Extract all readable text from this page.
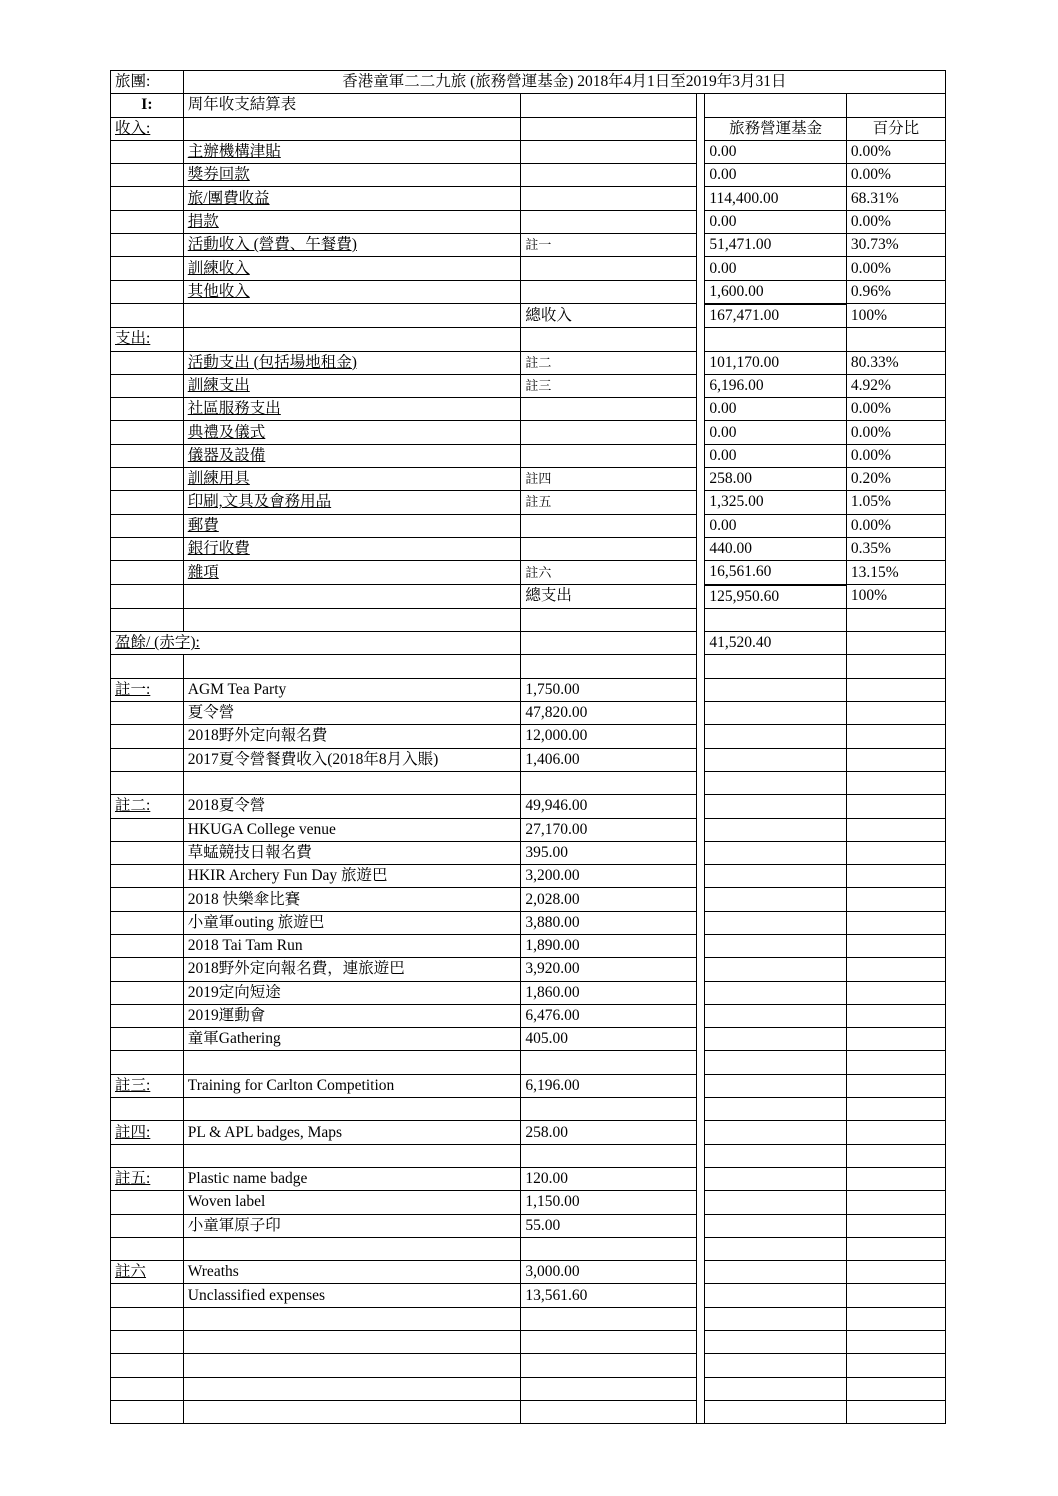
旅團:	香港童軍二二九旅 (旅務營運基金) 2018年4月1日至2019年3月31日				
I:	周年收支結算表				
收入:				旅務營運基金	百分比
	主辦機構津貼			0.00	0.00%
	獎券回款			0.00	0.00%
	旅/團費收益			114,400.00	68.31%
	捐款			0.00	0.00%
	活動收入 (營費、午餐費)	註一		51,471.00	30.73%
	訓練收入			0.00	0.00%
	其他收入			1,600.00	0.96%
		總收入		167,471.00	100%
支出:					
	活動支出 (包括場地租金)	註二		101,170.00	80.33%
	訓練支出	註三		6,196.00	4.92%
	社區服務支出			0.00	0.00%
	典禮及儀式			0.00	0.00%
	儀器及設備			0.00	0.00%
	訓練用具	註四		258.00	0.20%
	印刷,文具及會務用品	註五		1,325.00	1.05%
	郵費			0.00	0.00%
	銀行收費			440.00	0.35%
	雜項	註六		16,561.60	13.15%
		總支出		125,950.60	100%

盈餘/ (赤字):				41,520.40	

註一:	AGM Tea Party	1,750.00			
	夏令營	47,820.00			
	2018野外定向報名費	12,000.00			
	2017夏令營餐費收入(2018年8月入賬)	1,406.00			

註二:	2018夏令營	49,946.00			
	HKUGA College venue	27,170.00			
	草蜢競技日報名費	395.00			
	HKIR Archery Fun Day 旅遊巴	3,200.00			
	2018 快樂傘比賽	2,028.00			
	小童軍outing 旅遊巴	3,880.00			
	2018 Tai Tam Run	1,890.00			
	2018野外定向報名費，連旅遊巴	3,920.00			
	2019定向短途	1,860.00			
	2019運動會	6,476.00			
	童軍Gathering	405.00			

註三:	Training for Carlton Competition	6,196.00			

註四:	PL & APL badges, Maps	258.00			

註五:	Plastic name badge	120.00			
	Woven label	1,150.00			
	小童軍原子印	55.00			

註六	Wreaths	3,000.00			
	Unclassified expenses	13,561.60			
